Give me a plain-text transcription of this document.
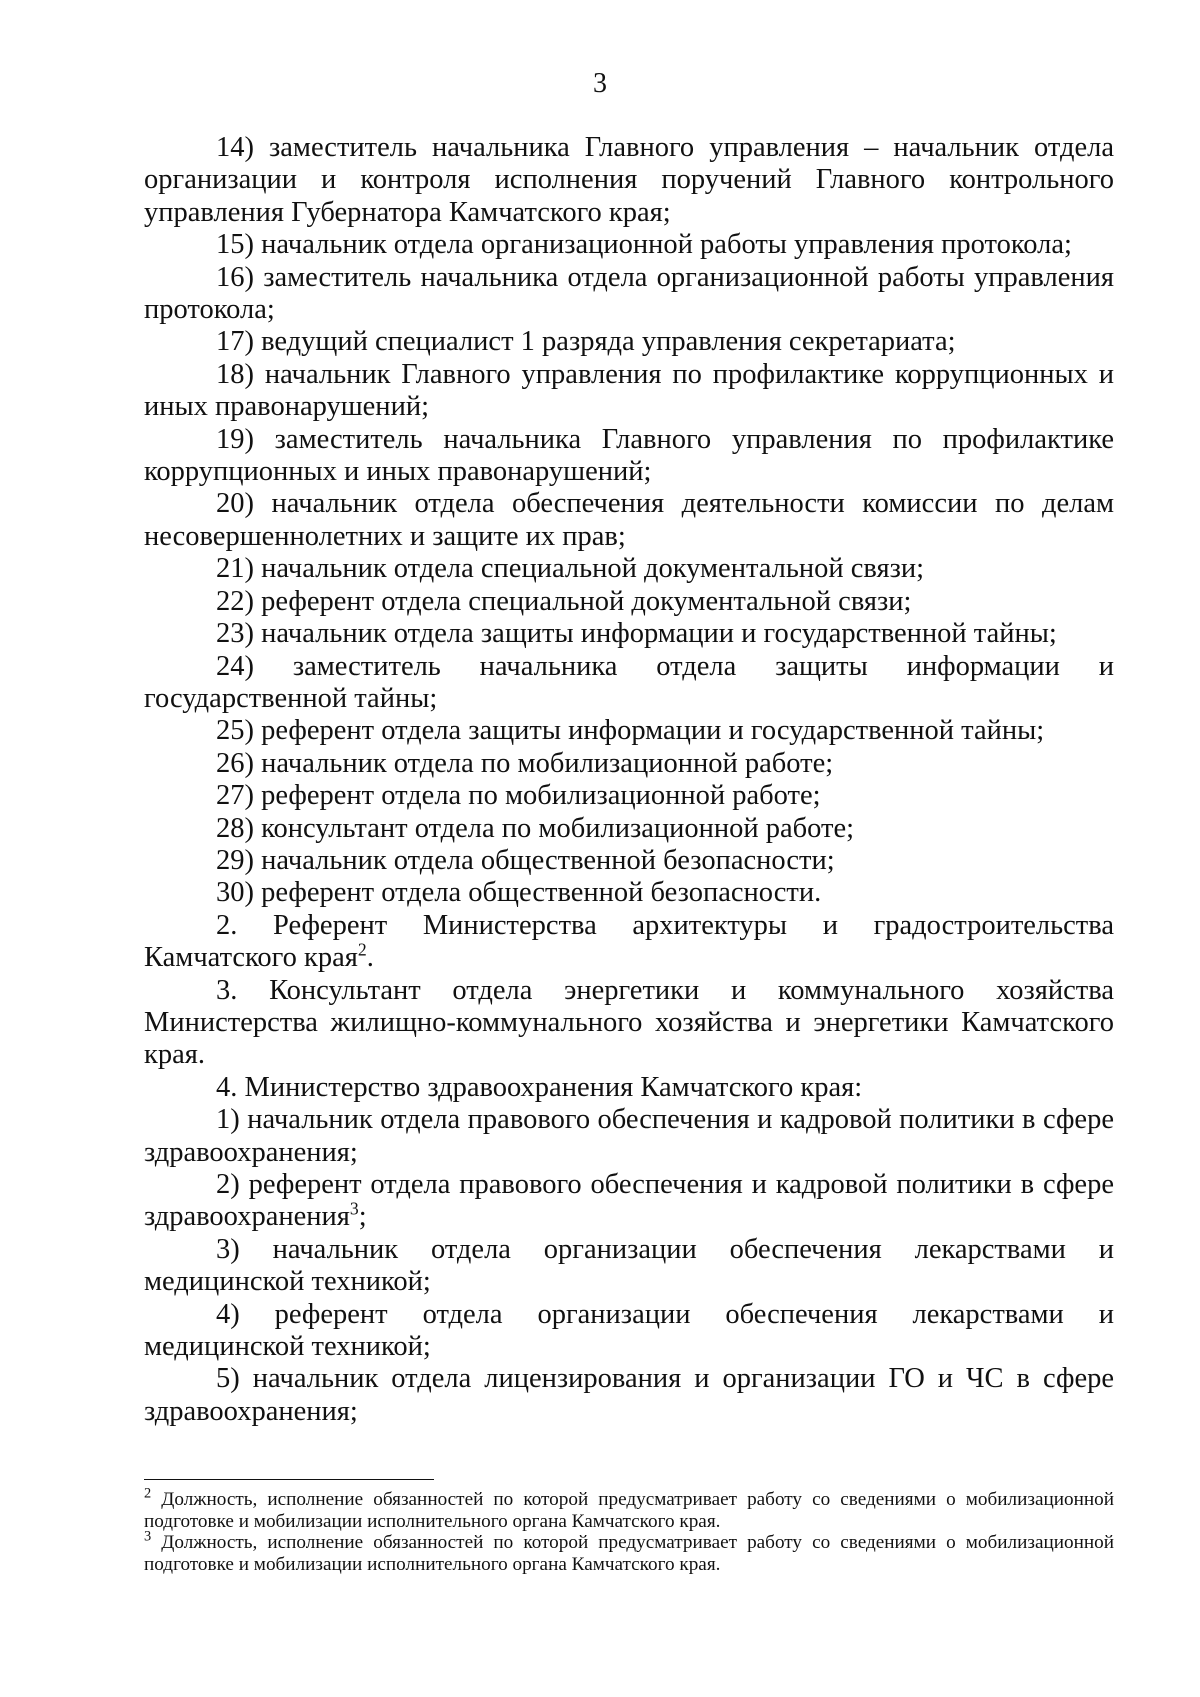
3

14) заместитель начальника Главного управления – начальник отдела организации и контроля исполнения поручений Главного контрольного управления Губернатора Камчатского края;

15) начальник отдела организационной работы управления протокола;

16) заместитель начальника отдела организационной работы управления протокола;

17) ведущий специалист 1 разряда управления секретариата;

18) начальник Главного управления по профилактике коррупционных и иных правонарушений;

19) заместитель начальника Главного управления по профилактике коррупционных и иных правонарушений;

20) начальник отдела обеспечения деятельности комиссии по делам несовершеннолетних и защите их прав;

21) начальник отдела специальной документальной связи;

22) референт отдела специальной документальной связи;

23) начальник отдела защиты информации и государственной тайны;

24) заместитель начальника отдела защиты информации и государственной тайны;

25) референт отдела защиты информации и государственной тайны;

26) начальник отдела по мобилизационной работе;

27) референт отдела по мобилизационной работе;

28) консультант отдела по мобилизационной работе;

29) начальник отдела общественной безопасности;

30) референт отдела общественной безопасности.

2. Референт Министерства архитектуры и градостроительства Камчатского края$^2$.

3. Консультант отдела энергетики и коммунального хозяйства Министерства жилищно-коммунального хозяйства и энергетики Камчатского края.

4. Министерство здравоохранения Камчатского края:

1) начальник отдела правового обеспечения и кадровой политики в сфере здравоохранения;

2) референт отдела правового обеспечения и кадровой политики в сфере здравоохранения$^3$;

3) начальник отдела организации обеспечения лекарствами и медицинской техникой;

4) референт отдела организации обеспечения лекарствами и медицинской техникой;

5) начальник отдела лицензирования и организации ГО и ЧС в сфере здравоохранения;

$^2$ Должность, исполнение обязанностей по которой предусматривает работу со сведениями о мобилизационной подготовке и мобилизации исполнительного органа Камчатского края.

$^3$ Должность, исполнение обязанностей по которой предусматривает работу со сведениями о мобилизационной подготовке и мобилизации исполнительного органа Камчатского края.
